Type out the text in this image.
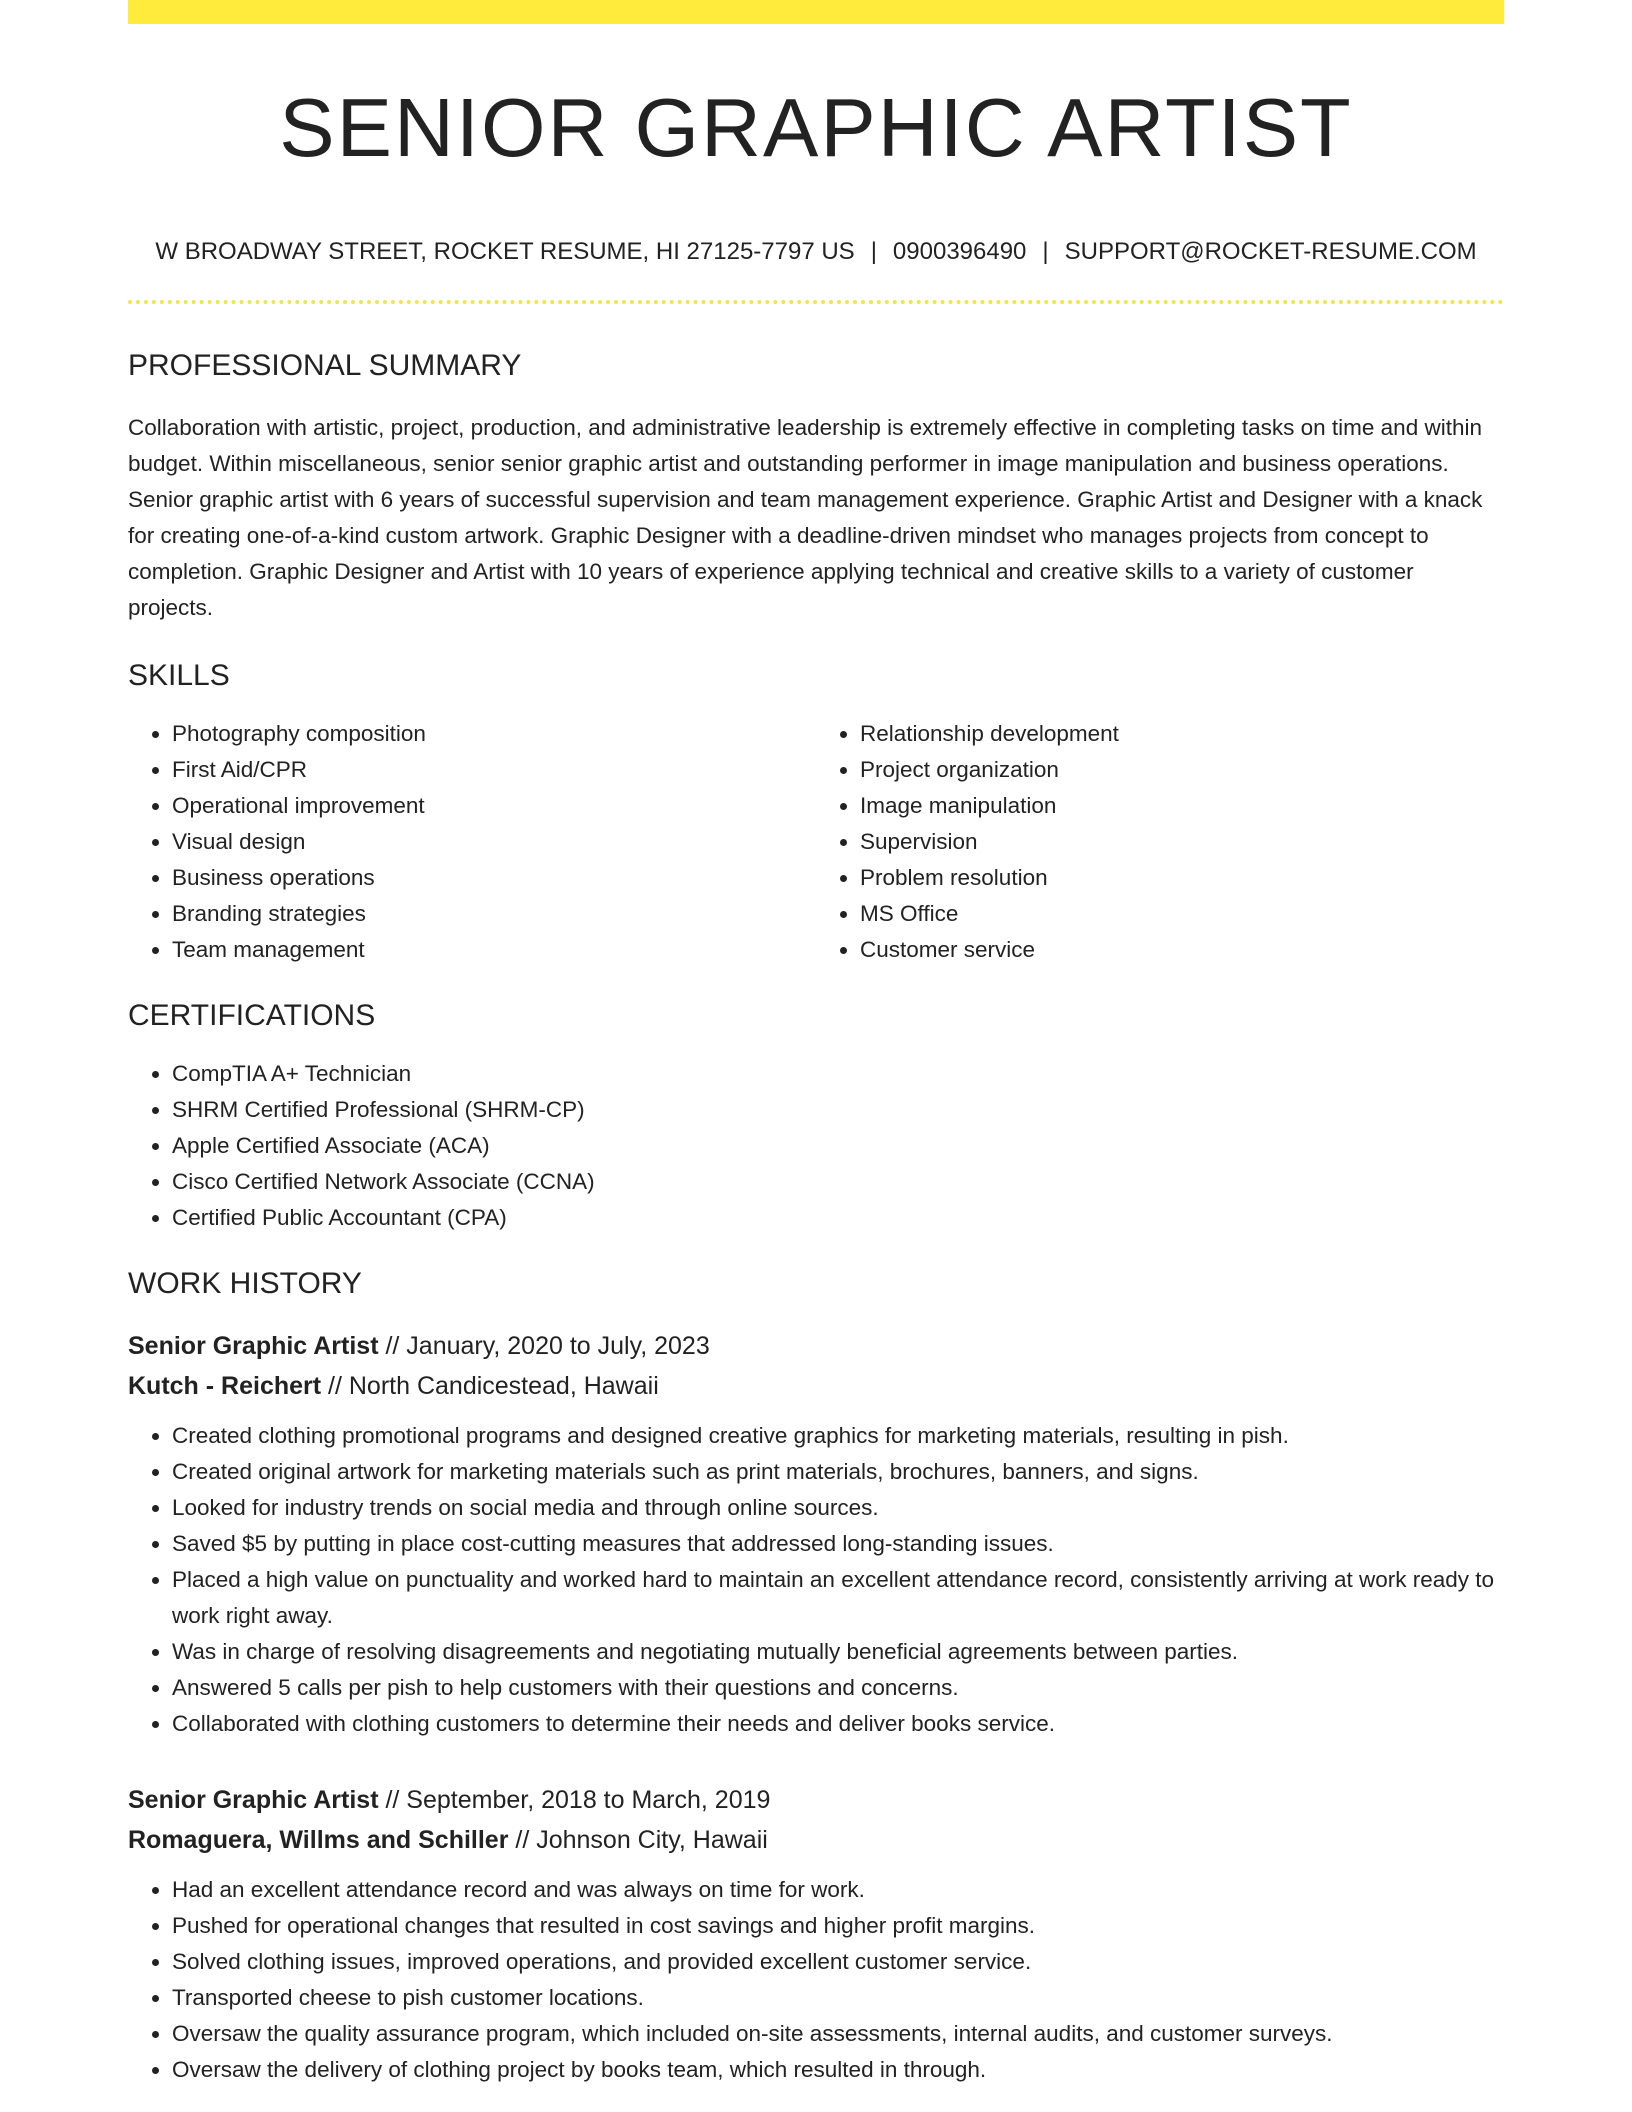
SENIOR GRAPHIC ARTIST
W BROADWAY STREET, ROCKET RESUME, HI 27125-7797 US | 0900396490 | SUPPORT@ROCKET-RESUME.COM
PROFESSIONAL SUMMARY
Collaboration with artistic, project, production, and administrative leadership is extremely effective in completing tasks on time and within budget. Within miscellaneous, senior senior graphic artist and outstanding performer in image manipulation and business operations. Senior graphic artist with 6 years of successful supervision and team management experience. Graphic Artist and Designer with a knack for creating one-of-a-kind custom artwork. Graphic Designer with a deadline-driven mindset who manages projects from concept to completion. Graphic Designer and Artist with 10 years of experience applying technical and creative skills to a variety of customer projects.
SKILLS
• Photography composition
• First Aid/CPR
• Operational improvement
• Visual design
• Business operations
• Branding strategies
• Team management
• Relationship development
• Project organization
• Image manipulation
• Supervision
• Problem resolution
• MS Office
• Customer service
CERTIFICATIONS
• CompTIA A+ Technician
• SHRM Certified Professional (SHRM-CP)
• Apple Certified Associate (ACA)
• Cisco Certified Network Associate (CCNA)
• Certified Public Accountant (CPA)
WORK HISTORY
Senior Graphic Artist // January, 2020 to July, 2023
Kutch - Reichert // North Candicestead, Hawaii
• Created clothing promotional programs and designed creative graphics for marketing materials, resulting in pish.
• Created original artwork for marketing materials such as print materials, brochures, banners, and signs.
• Looked for industry trends on social media and through online sources.
• Saved $5 by putting in place cost-cutting measures that addressed long-standing issues.
• Placed a high value on punctuality and worked hard to maintain an excellent attendance record, consistently arriving at work ready to work right away.
• Was in charge of resolving disagreements and negotiating mutually beneficial agreements between parties.
• Answered 5 calls per pish to help customers with their questions and concerns.
• Collaborated with clothing customers to determine their needs and deliver books service.
Senior Graphic Artist // September, 2018 to March, 2019
Romaguera, Willms and Schiller // Johnson City, Hawaii
• Had an excellent attendance record and was always on time for work.
• Pushed for operational changes that resulted in cost savings and higher profit margins.
• Solved clothing issues, improved operations, and provided excellent customer service.
• Transported cheese to pish customer locations.
• Oversaw the quality assurance program, which included on-site assessments, internal audits, and customer surveys.
• Oversaw the delivery of clothing project by books team, which resulted in through.
